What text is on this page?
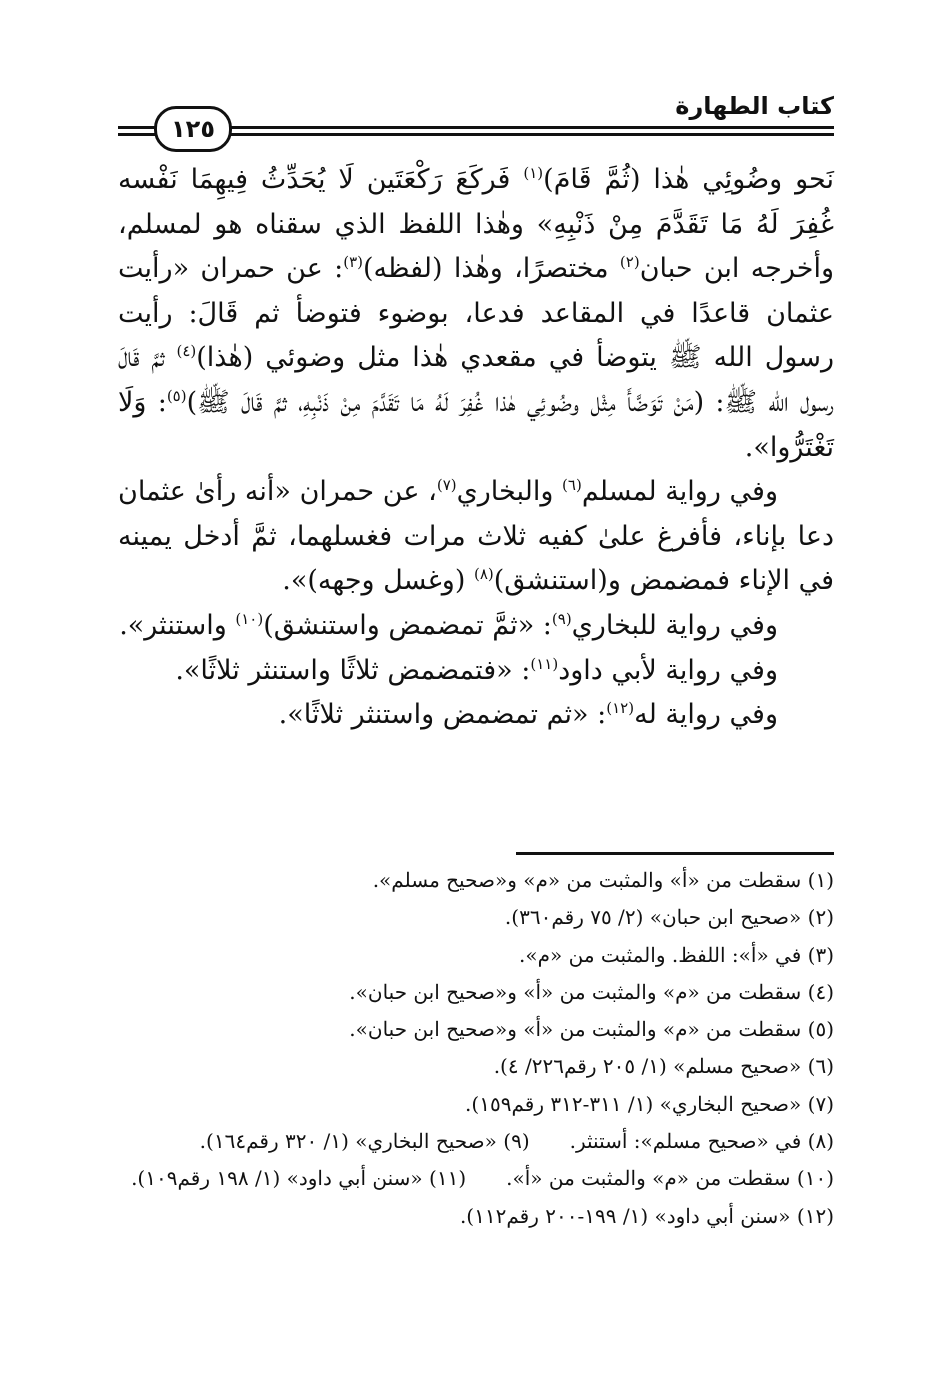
كتاب الطهارة
١٢٥

نَحو وضُوئِي هٰذا (ثُمَّ قَامَ)$^{(١)}$ فَركَعَ رَكْعَتَين لَا يُحَدِّثُ فِيهِمَا نَفْسه غُفِرَ لَهُ مَا تَقَدَّمَ مِنْ ذَنْبِهِ» وهٰذا اللفظ الذي سقناه هو لمسلم، وأخرجه ابن حبان$^{(٢)}$ مختصرًا، وهٰذا (لفظه)$^{(٣)}$: عن حمران «رأيت عثمان قاعدًا في المقاعد فدعا، بوضوء فتوضأ ثم قَالَ: رأيت رسول الله ﷺ يتوضأ في مقعدي هٰذا مثل وضوئي (هٰذا)$^{(٤)}$ ثمَّ قَالَ رسول الله ﷺ: (مَنْ تَوَضَّأَ مِثْل وضُوئِي هٰذا غُفِرَ لَهُ مَا تَقَدَّمَ مِنْ ذَنْبِهِ، ثمَّ قَالَ ﷺ)$^{(٥)}$: وَلَا تَغْتَرُّوا».

وفي رواية لمسلم$^{(٦)}$ والبخاري$^{(٧)}$، عن حمران «أنه رأىٰ عثمان دعا بإناء، فأفرغ علىٰ كفيه ثلاث مرات فغسلهما، ثمَّ أدخل يمينه في الإناء فمضمض و(استنشق)$^{(٨)}$ (وغسل وجهه)».

وفي رواية للبخاري$^{(٩)}$: «ثمَّ تمضمض واستنشق)$^{(١٠)}$ واستنثر».

وفي رواية لأبي داود$^{(١١)}$: «فتمضمض ثلاثًا واستنثر ثلاثًا».

وفي رواية له$^{(١٢)}$: «ثم تمضمض واستنثر ثلاثًا».

(١) سقطت من «أ» والمثبت من «م» و«صحيح مسلم».
(٢) «صحيح ابن حبان» (٢/ ٧٥ رقم٣٦٠).
(٣) في «أ»: اللفظ. والمثبت من «م».
(٤) سقطت من «م» والمثبت من «أ» و«صحيح ابن حبان».
(٥) سقطت من «م» والمثبت من «أ» و«صحيح ابن حبان».
(٦) «صحيح مسلم» (١/ ٢٠٥ رقم٢٢٦/ ٤).
(٧) «صحيح البخاري» (١/ ٣١١-٣١٢ رقم١٥٩).
(٨) في «صحيح مسلم»: أستنثر.(٩) «صحيح البخاري» (١/ ٣٢٠ رقم١٦٤).
(١٠) سقطت من «م» والمثبت من «أ».(١١) «سنن أبي داود» (١/ ١٩٨ رقم١٠٩).
(١٢) «سنن أبي داود» (١/ ١٩٩-٢٠٠ رقم١١٢).
